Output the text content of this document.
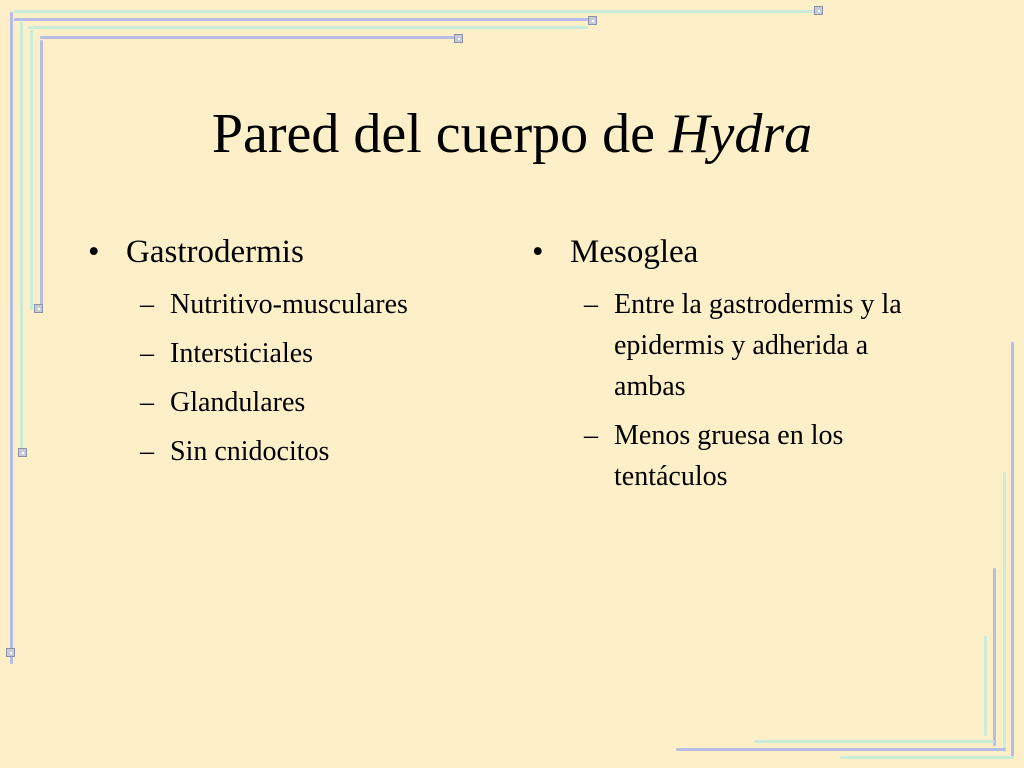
Pared del cuerpo de Hydra
• Gastrodermis
– Nutritivo-musculares
– Intersticiales
– Glandulares
– Sin cnidocitos
• Mesoglea
– Entre la gastrodermis y la epidermis y adherida a ambas
– Menos gruesa en los tentáculos
